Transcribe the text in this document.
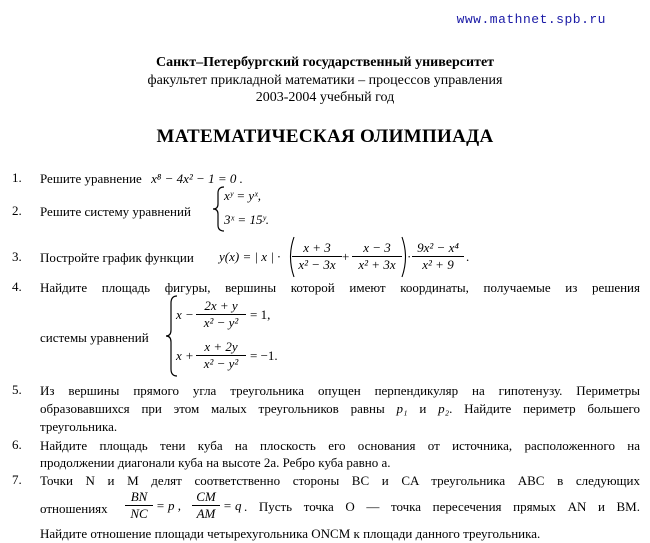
www.mathnet.spb.ru
Санкт–Петербургский государственный университет
факультет прикладной математики – процессов управления
2003-2004 учебный год
МАТЕМАТИЧЕСКАЯ ОЛИМПИАДА
1. Решите уравнение x⁸ − 4x² − 1 = 0 .
2. Решите систему уравнений
xʸ = yˣ,
3ˣ = 15ʸ.
3. Постройте график функции	y(x) = | x | · $\frac{x + 3}{\text{x² − 3x}} + \frac{x - 3}{\text{x² + 3x}} \cdot \frac{\text{9x² − x⁴}}{\text{x² + 9}}$ .
4. Найдите площадь фигуры, вершины которой имеют координаты, получаемые из решения
системы уравнений
$x - \frac{2x + y}{\text{x² − y²}} = 1$,
$x + \frac{x + 2y}{\text{x² − y²}} = -1$.
5. Из вершины прямого угла треугольника опущен перпендикуляр на гипотенузу. Периметры
образовавшихся при этом малых треугольников равны p₁ и p₂. Найдите периметр большего
треугольника.
6. Найдите площадь тени куба на плоскость его основания от источника, расположенного на
продолжении диагонали куба на высоте 2a. Ребро куба равно a.
7. Точки N и M делят соответственно стороны BC и CA треугольника ABC в следующих
отношениях	$\frac{BN}{NC} = p$ , $\frac{CM}{AM} = q$ . Пусть точка O — точка пересечения прямых AN и BM.
Найдите отношение площади четырехугольника ONCM к площади данного треугольника.
